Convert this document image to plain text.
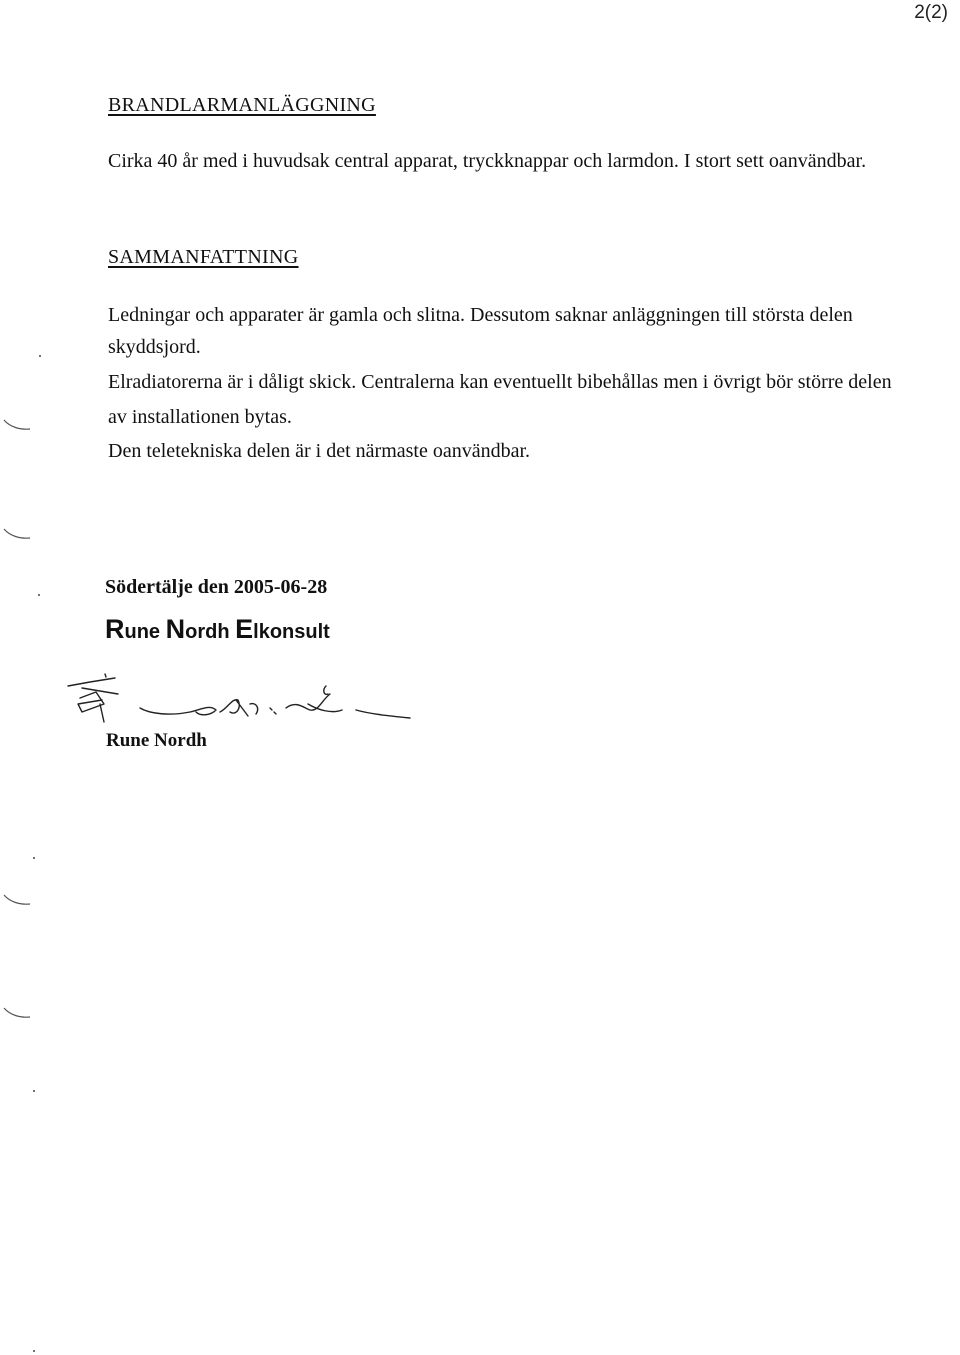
2(2)
BRANDLARMANLÄGGNING
Cirka 40 år med i huvudsak central apparat, tryckknappar och larmdon. I stort sett oanvändbar.
SAMMANFATTNING
Ledningar och apparater är gamla och slitna. Dessutom saknar anläggningen till största delen
skyddsjord.
Elradiatorerna är i dåligt skick. Centralerna kan eventuellt bibehållas men i övrigt bör större delen
av installationen bytas.
Den teletekniska delen är i det närmaste oanvändbar.
Södertälje den 2005-06-28
Rune Nordh Elkonsult
Rune Nordh
